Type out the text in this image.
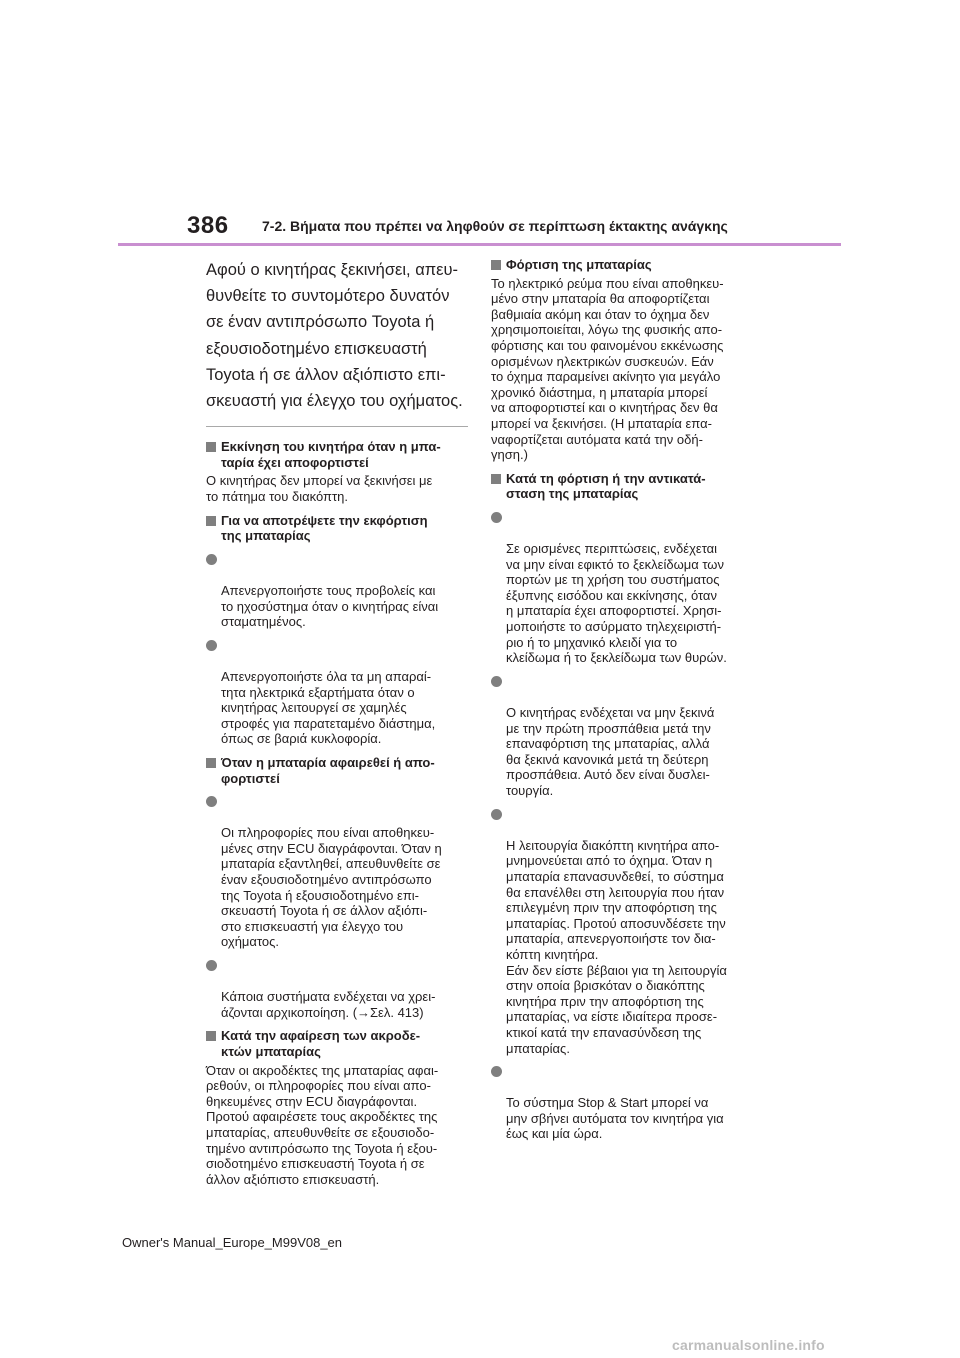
386 7-2. Βήματα που πρέπει να ληφθούν σε περίπτωση έκτακτης ανάγκης
Αφού ο κινητήρας ξεκινήσει, απευ-
θυνθείτε το συντομότερο δυνατόν
σε έναν αντιπρόσωπο Toyota ή
εξουσιοδοτημένο επισκευαστή
Toyota ή σε άλλον αξιόπιστο επι-
σκευαστή για έλεγχο του οχήματος.
Εκκίνηση του κινητήρα όταν η μπα-
ταρία έχει αποφορτιστεί
Ο κινητήρας δεν μπορεί να ξεκινήσει με
το πάτημα του διακόπτη.
Για να αποτρέψετε την εκφόρτιση
της μπαταρίας

Απενεργοποιήστε τους προβολείς και
το ηχοσύστημα όταν ο κινητήρας είναι
σταματημένος.

Απενεργοποιήστε όλα τα μη απαραί-
τητα ηλεκτρικά εξαρτήματα όταν ο
κινητήρας λειτουργεί σε χαμηλές
στροφές για παρατεταμένο διάστημα,
όπως σε βαριά κυκλοφορία.

Όταν η μπαταρία αφαιρεθεί ή απο-
φορτιστεί

Οι πληροφορίες που είναι αποθηκευ-
μένες στην ECU διαγράφονται. Όταν η
μπαταρία εξαντληθεί, απευθυνθείτε σε
έναν εξουσιοδοτημένο αντιπρόσωπο
της Toyota ή εξουσιοδοτημένο επι-
σκευαστή Toyota ή σε άλλον αξιόπι-
στο επισκευαστή για έλεγχο του
οχήματος.

Κάποια συστήματα ενδέχεται να χρει-
άζονται αρχικοποίηση. (→Σελ. 413)

Κατά την αφαίρεση των ακροδε-
κτών μπαταρίας
Όταν οι ακροδέκτες της μπαταρίας αφαι-
ρεθούν, οι πληροφορίες που είναι απο-
θηκευμένες στην ECU διαγράφονται.
Προτού αφαιρέσετε τους ακροδέκτες της
μπαταρίας, απευθυνθείτε σε εξουσιοδο-
τημένο αντιπρόσωπο της Toyota ή εξου-
σιοδοτημένο επισκευαστή Toyota ή σε
άλλον αξιόπιστο επισκευαστή.
Φόρτιση της μπαταρίας
Το ηλεκτρικό ρεύμα που είναι αποθηκευ-
μένο στην μπαταρία θα αποφορτίζεται
βαθμιαία ακόμη και όταν το όχημα δεν
χρησιμοποιείται, λόγω της φυσικής απο-
φόρτισης και του φαινομένου εκκένωσης
ορισμένων ηλεκτρικών συσκευών. Εάν
το όχημα παραμείνει ακίνητο για μεγάλο
χρονικό διάστημα, η μπαταρία μπορεί
να αποφορτιστεί και ο κινητήρας δεν θα
μπορεί να ξεκινήσει. (Η μπαταρία επα-
ναφορτίζεται αυτόματα κατά την οδή-
γηση.)
Κατά τη φόρτιση ή την αντικατά-
σταση της μπαταρίας

Σε ορισμένες περιπτώσεις, ενδέχεται
να μην είναι εφικτό το ξεκλείδωμα των
πορτών με τη χρήση του συστήματος
έξυπνης εισόδου και εκκίνησης, όταν
η μπαταρία έχει αποφορτιστεί. Χρησι-
μοποιήστε το ασύρματο τηλεχειριστή-
ριο ή το μηχανικό κλειδί για το
κλείδωμα ή το ξεκλείδωμα των θυρών.

Ο κινητήρας ενδέχεται να μην ξεκινά
με την πρώτη προσπάθεια μετά την
επαναφόρτιση της μπαταρίας, αλλά
θα ξεκινά κανονικά μετά τη δεύτερη
προσπάθεια. Αυτό δεν είναι δυσλει-
τουργία.

Η λειτουργία διακόπτη κινητήρα απο-
μνημονεύεται από το όχημα. Όταν η
μπαταρία επανασυνδεθεί, το σύστημα
θα επανέλθει στη λειτουργία που ήταν
επιλεγμένη πριν την αποφόρτιση της
μπαταρίας. Προτού αποσυνδέσετε την
μπαταρία, απενεργοποιήστε τον δια-
κόπτη κινητήρα.
Εάν δεν είστε βέβαιοι για τη λειτουργία
στην οποία βρισκόταν ο διακόπτης
κινητήρα πριν την αποφόρτιση της
μπαταρίας, να είστε ιδιαίτερα προσε-
κτικοί κατά την επανασύνδεση της
μπαταρίας.

Το σύστημα Stop & Start μπορεί να
μην σβήνει αυτόματα τον κινητήρα για
έως και μία ώρα.

Owner's Manual_Europe_M99V08_en
carmanualsonline.info
